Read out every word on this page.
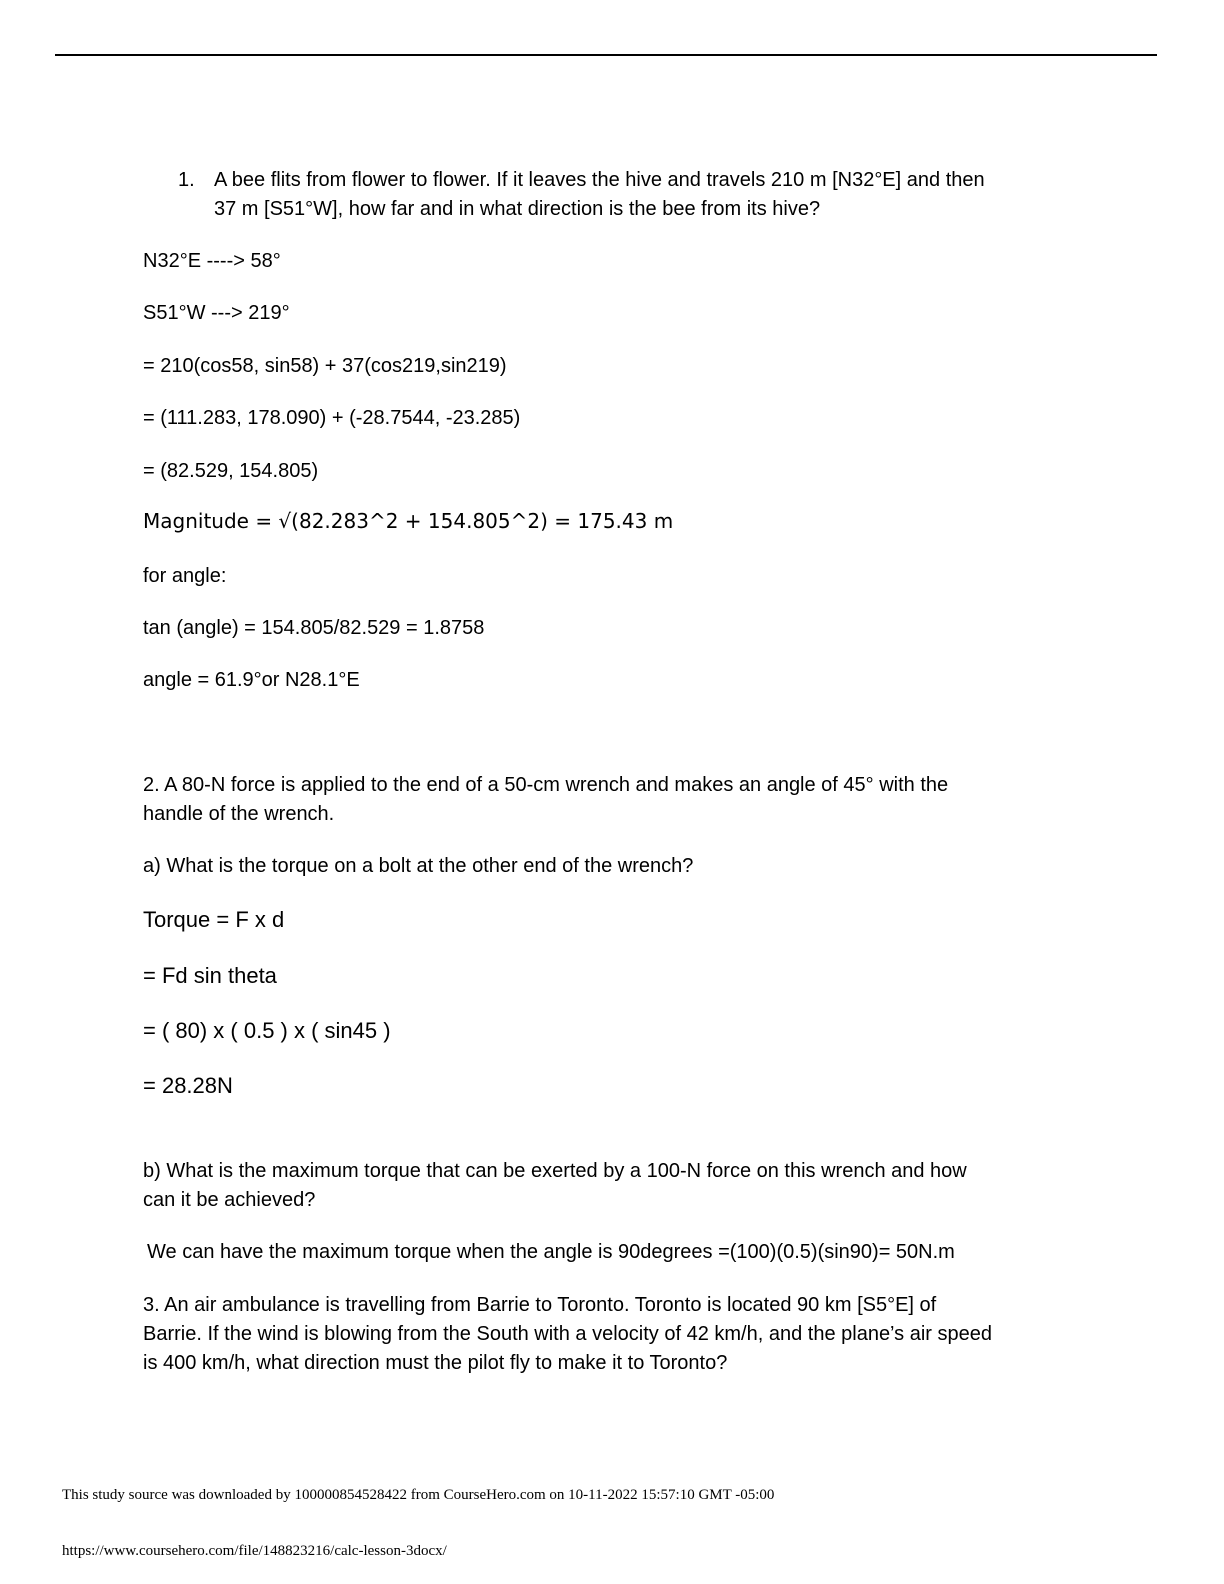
1. A bee flits from flower to flower. If it leaves the hive and travels 210 m [N32°E] and then
37 m [S51°W], how far and in what direction is the bee from its hive?
N32°E ----> 58°
S51°W ---> 219°
= 210(cos58, sin58) + 37(cos219,sin219)
= (111.283, 178.090) + (-28.7544, -23.285)
= (82.529, 154.805)
Magnitude = √(82.283^2 + 154.805^2) = 175.43 m
for angle:
tan (angle) = 154.805/82.529 = 1.8758
angle = 61.9°or N28.1°E
2. A 80-N force is applied to the end of a 50-cm wrench and makes an angle of 45° with the
handle of the wrench.
a) What is the torque on a bolt at the other end of the wrench?
Torque = F x d
= Fd sin theta
= ( 80) x ( 0.5 ) x ( sin45 )
= 28.28N
b) What is the maximum torque that can be exerted by a 100-N force on this wrench and how
can it be achieved?
We can have the maximum torque when the angle is 90degrees =(100)(0.5)(sin90)= 50N.m
3. An air ambulance is travelling from Barrie to Toronto. Toronto is located 90 km [S5°E] of
Barrie. If the wind is blowing from the South with a velocity of 42 km/h, and the plane’s air speed
is 400 km/h, what direction must the pilot fly to make it to Toronto?
This study source was downloaded by 100000854528422 from CourseHero.com on 10-11-2022 15:57:10 GMT -05:00
https://www.coursehero.com/file/148823216/calc-lesson-3docx/
